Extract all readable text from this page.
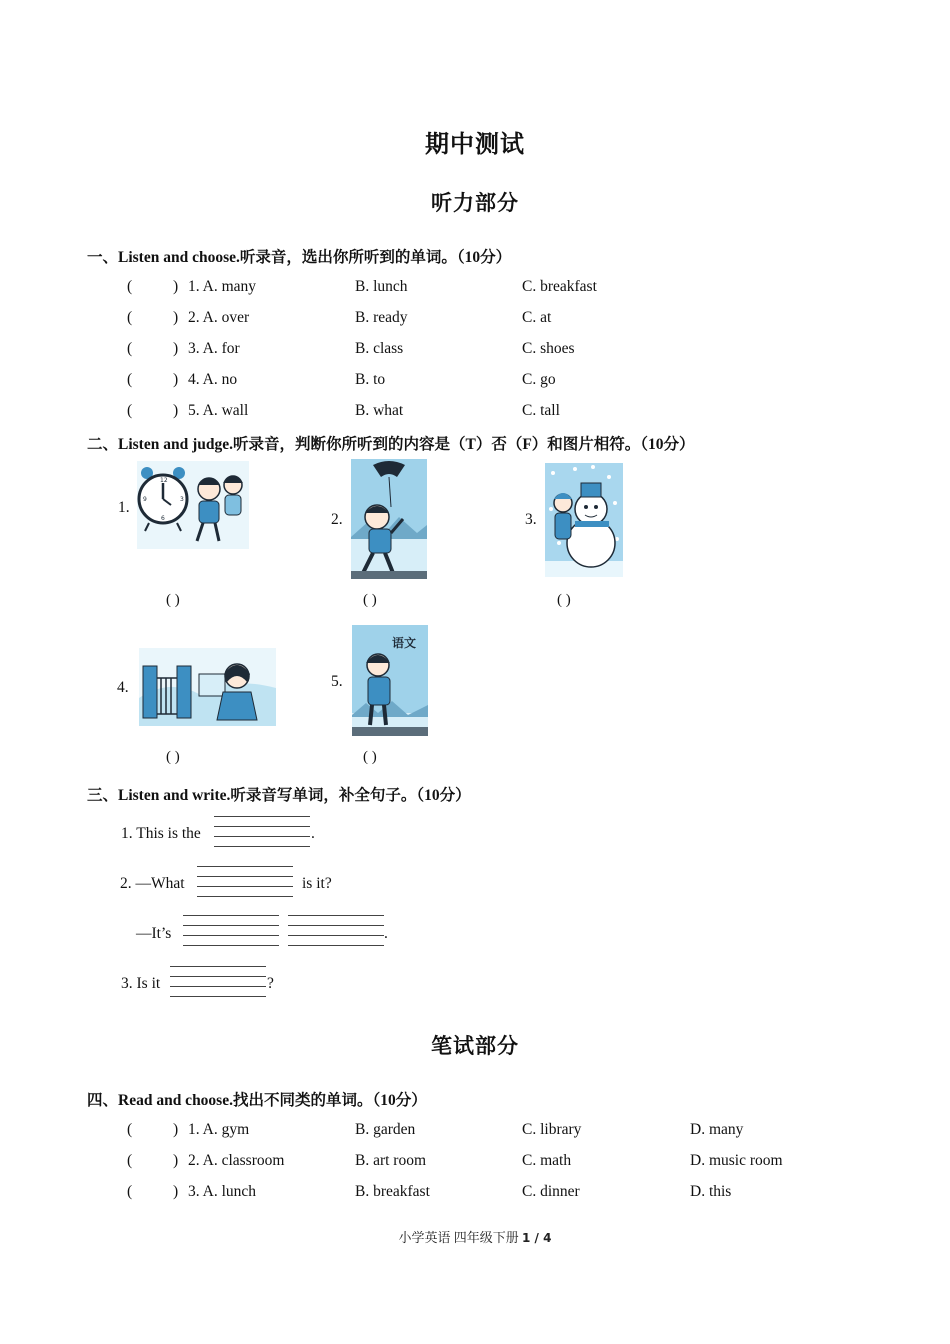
期中测试
听力部分
一、Listen and choose.听录音，选出你所听到的单词。（10分）
(	) 1. A. many	B. lunch	C. breakfast
(	) 2. A. over	B. ready	C. at
(	) 3. A. for	B. class	C. shoes
(	) 4. A. no	B. to	C. go
(	) 5. A. wall	B. what	C. tall
二、Listen and judge.听录音，判断你所听到的内容是（T）否（F）和图片相符。（10分）
1.
12
3
6
9
( )
2.
( )
3.
( )
4.
( )
5.
语文
( )
三、Listen and write.听录音写单词，补全句子。（10分）
1. This is the	.
2. —What	is it?
—It’s	.
3. Is it	?
笔试部分
四、Read and choose.找出不同类的单词。（10分）
(	) 1. A. gym	B. garden	C. library	D. many
(	) 2. A. classroom	B. art room	C. math	D. music room
(	) 3. A. lunch	B. breakfast	C. dinner	D. this
小学英语 四年级下册 1 / 4
